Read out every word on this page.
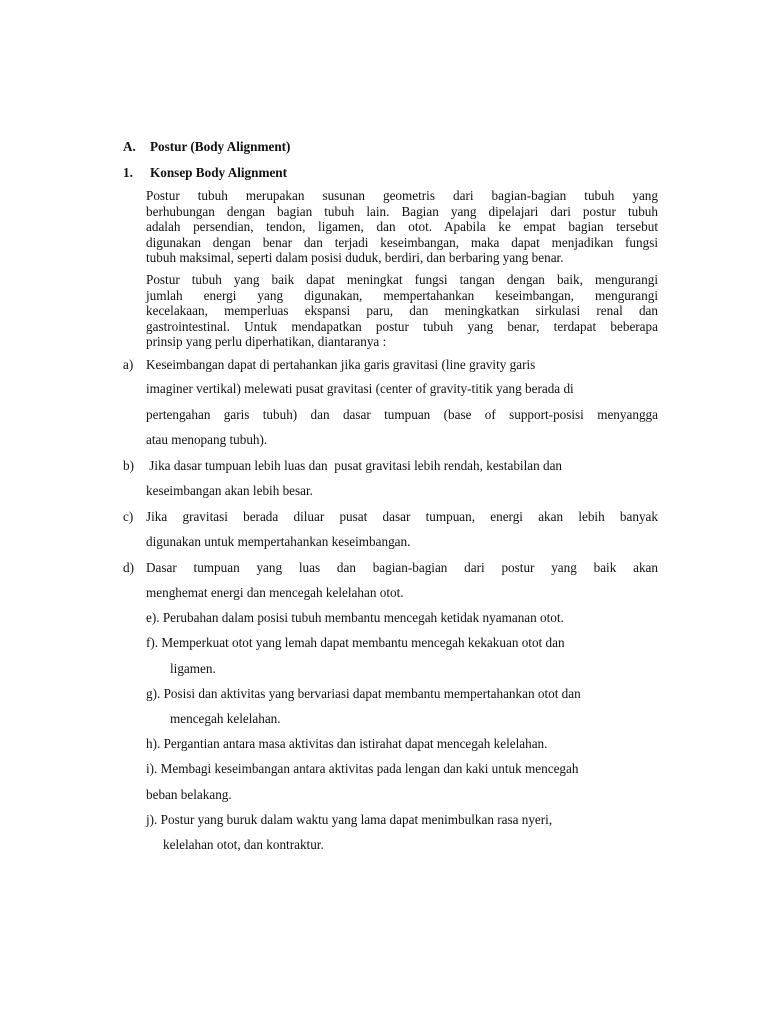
A. Postur (Body Alignment)
1. Konsep Body Alignment
Postur tubuh merupakan susunan geometris dari bagian-bagian tubuh yang
berhubungan dengan bagian tubuh lain. Bagian yang dipelajari dari postur tubuh
adalah persendian, tendon, ligamen, dan otot. Apabila ke empat bagian tersebut
digunakan dengan benar dan terjadi keseimbangan, maka dapat menjadikan fungsi
tubuh maksimal, seperti dalam posisi duduk, berdiri, dan berbaring yang benar.
Postur tubuh yang baik dapat meningkat fungsi tangan dengan baik, mengurangi
jumlah energi yang digunakan, mempertahankan keseimbangan, mengurangi
kecelakaan, memperluas ekspansi paru, dan meningkatkan sirkulasi renal dan
gastrointestinal. Untuk mendapatkan postur tubuh yang benar, terdapat beberapa
prinsip yang perlu diperhatikan, diantaranya :
a) Keseimbangan dapat di pertahankan jika garis gravitasi (line gravity garis
imaginer vertikal) melewati pusat gravitasi (center of gravity-titik yang berada di
pertengahan garis tubuh) dan dasar tumpuan (base of support-posisi menyangga
atau menopang tubuh).
b) Jika dasar tumpuan lebih luas dan  pusat gravitasi lebih rendah, kestabilan dan
keseimbangan akan lebih besar.
c) Jika gravitasi berada diluar pusat dasar tumpuan, energi akan lebih banyak
digunakan untuk mempertahankan keseimbangan.
d) Dasar tumpuan yang luas dan bagian-bagian dari postur yang baik akan
menghemat energi dan mencegah kelelahan otot.
e). Perubahan dalam posisi tubuh membantu mencegah ketidak nyamanan otot.
f). Memperkuat otot yang lemah dapat membantu mencegah kekakuan otot dan
ligamen.
g). Posisi dan aktivitas yang bervariasi dapat membantu mempertahankan otot dan
mencegah kelelahan.
h). Pergantian antara masa aktivitas dan istirahat dapat mencegah kelelahan.
i). Membagi keseimbangan antara aktivitas pada lengan dan kaki untuk mencegah
beban belakang.
j). Postur yang buruk dalam waktu yang lama dapat menimbulkan rasa nyeri,
kelelahan otot, dan kontraktur.
